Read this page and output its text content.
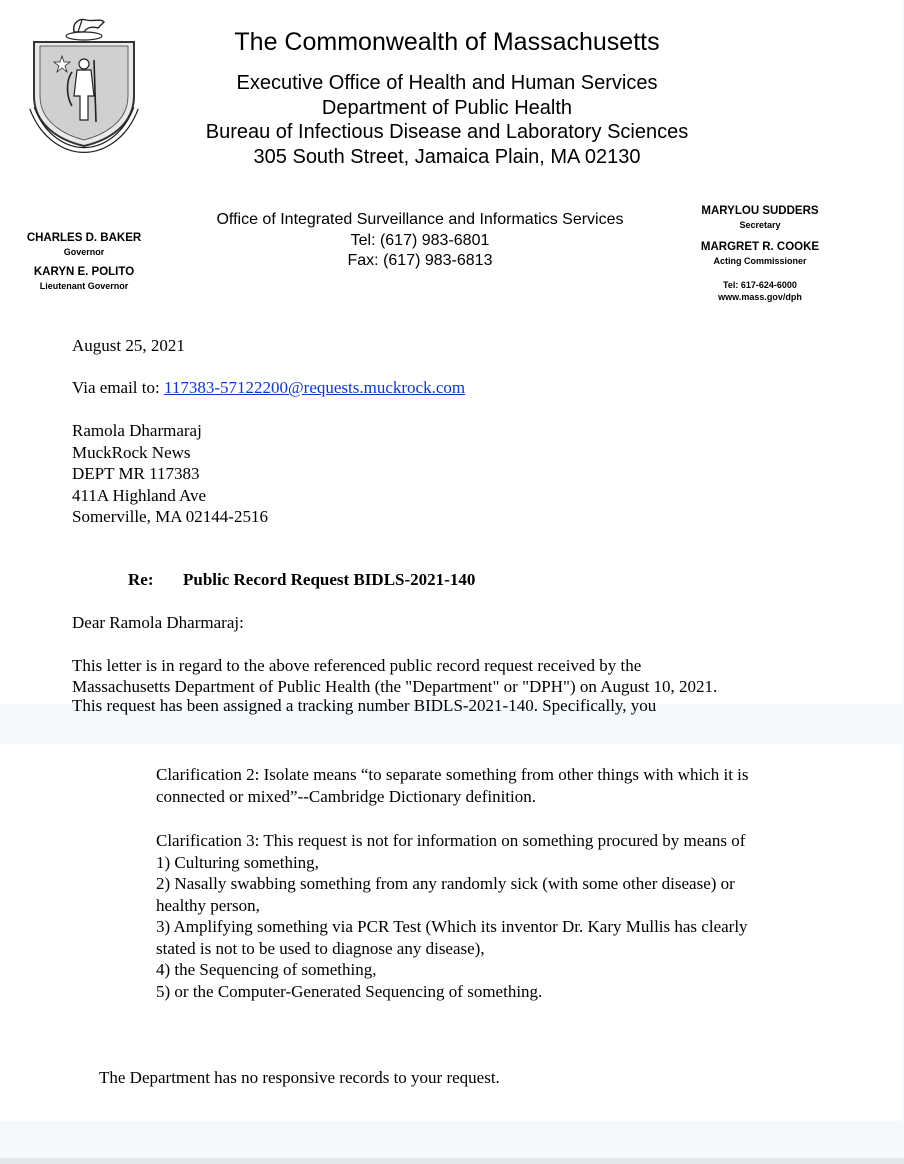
The Commonwealth of Massachusetts
Executive Office of Health and Human Services
Department of Public Health
Bureau of Infectious Disease and Laboratory Sciences
305 South Street, Jamaica Plain, MA 02130
Office of Integrated Surveillance and Informatics Services
Tel: (617) 983-6801
Fax: (617) 983-6813
CHARLES D. BAKER
Governor
KARYN E. POLITO
Lieutenant Governor
MARYLOU SUDDERS
Secretary
MARGRET R. COOKE
Acting Commissioner
Tel: 617-624-6000
www.mass.gov/dph
August 25, 2021
Via email to: 117383-57122200@requests.muckrock.com
Ramola Dharmaraj
MuckRock News
DEPT MR 117383
411A Highland Ave
Somerville, MA 02144-2516
Re: Public Record Request BIDLS-2021-140
Dear Ramola Dharmaraj:
This letter is in regard to the above referenced public record request received by the
Massachusetts Department of Public Health (the "Department" or "DPH") on August 10, 2021.
This request has been assigned a tracking number BIDLS-2021-140. Specifically, you
Clarification 2: Isolate means “to separate something from other things with which it is
connected or mixed”--Cambridge Dictionary definition.
Clarification 3: This request is not for information on something procured by means of
1) Culturing something,
2) Nasally swabbing something from any randomly sick (with some other disease) or
healthy person,
3) Amplifying something via PCR Test (Which its inventor Dr. Kary Mullis has clearly
stated is not to be used to diagnose any disease),
4) the Sequencing of something,
5) or the Computer-Generated Sequencing of something.
The Department has no responsive records to your request.
